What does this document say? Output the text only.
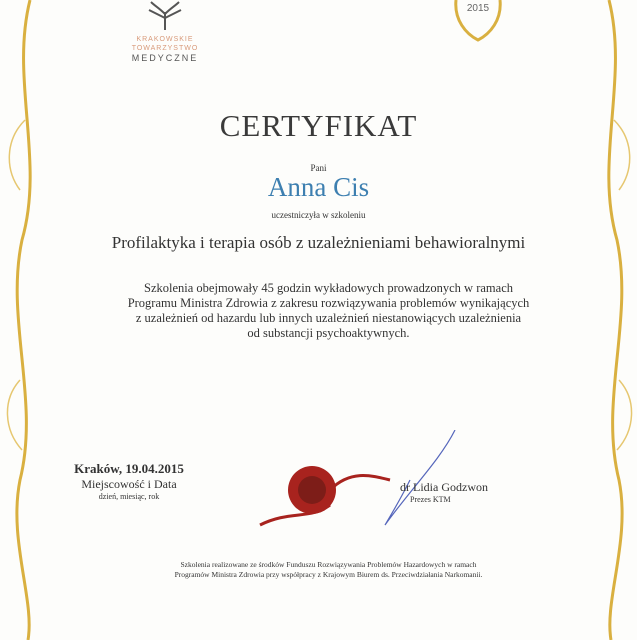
KRAKOWSKIE
TOWARZYSTWO
MEDYCZNE
2015
CERTYFIKAT
Pani
Anna Cis
uczestniczyła w szkoleniu
Profilaktyka i terapia osób z uzależnieniami behawioralnymi
Szkolenia obejmowały 45 godzin wykładowych prowadzonych w ramach
Programu Ministra Zdrowia z zakresu rozwiązywania problemów wynikających
z uzależnień od hazardu lub innych uzależnień niestanowiących uzależnienia
od substancji psychoaktywnych.
Kraków, 19.04.2015
Miejscowość i Data
dzień, miesiąc, rok
dr Lidia Godzwon
Prezes KTM
Szkolenia realizowane ze środków Funduszu Rozwiązywania Problemów Hazardowych w ramach
Programów Ministra Zdrowia przy współpracy z Krajowym Biurem ds. Przeciwdziałania Narkomanii.
